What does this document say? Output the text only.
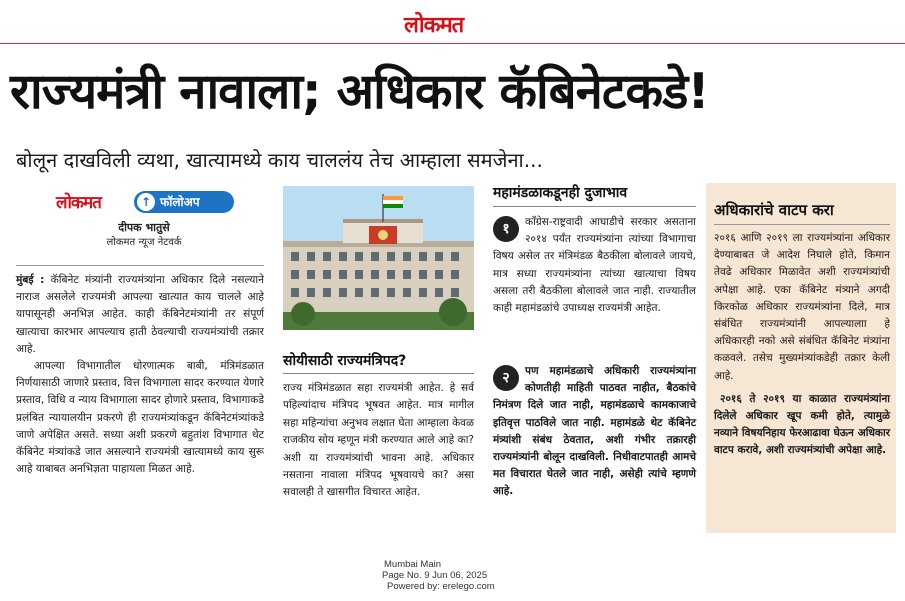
लोकमत
राज्यमंत्री नावाला; अधिकार कॅबिनेटकडे!
बोलून दाखविली व्यथा, खात्यामध्ये काय चाललंय तेच आम्हाला समजेना...
लोकमत	↑ फॉलोअप
दीपक भातुसे
लोकमत न्यूज नेटवर्क

मुंबई : कॅबिनेट मंत्र्यांनी राज्यमंत्र्यांना अधिकार दिले नसल्याने नाराज असलेले राज्यमंत्री आपल्या खात्यात काय चालले आहे यापासूनही अनभिज्ञ आहेत. काही कॅबिनेटमंत्र्यांनी तर संपूर्ण खात्याचा कारभार आपल्याच हाती ठेवल्याची राज्यमंत्र्यांची तक्रार आहे.

आपल्या विभागातील धोरणात्मक बाबी, मंत्रिमंडळात निर्णयासाठी जाणारे प्रस्ताव, वित्त विभागाला सादर करण्यात येणारे प्रस्ताव, विधि व न्याय विभागाला सादर होणारे प्रस्ताव, विभागाकडे प्रलंबित न्यायालयीन प्रकरणे ही राज्यमंत्र्यांकडून कॅबिनेटमंत्र्यांकडे जाणे अपेक्षित असते. सध्या अशी प्रकरणे बहुतांश विभागात थेट कॅबिनेट मंत्र्यांकडे जात असल्याने राज्यमंत्री खात्यामध्ये काय सुरू आहे याबाबत अनभिज्ञता पाहायला मिळत आहे.

सोयीसाठी राज्यमंत्रिपद?
राज्य मंत्रिमंडळात सहा राज्यमंत्री आहेत. हे सर्व पहिल्यांदाच मंत्रिपद भूषवत आहेत. मात्र मागील सहा महिन्यांचा अनुभव लक्षात घेता आम्हाला केवळ राजकीय सोय म्हणून मंत्री करण्यात आले आहे का? अशी या राज्यमंत्र्यांची भावना आहे. अधिकार नसताना नावाला मंत्रिपद भूषवायचे का? असा सवालही ते खासगीत विचारत आहेत.
महामंडळाकडूनही दुजाभाव
१	काँग्रेस-राष्ट्रवादी आघाडीचे सरकार असताना २०१४ पर्यंत राज्यमंत्र्यांना त्यांच्या विभागाचा विषय असेल तर मंत्रिमंडळ बैठकीला बोलावले जायचे, मात्र सध्या राज्यमंत्र्यांना त्यांच्या खात्याचा विषय असला तरी बैठकीला बोलावले जात नाही. राज्यातील काही महामंडळांचे उपाध्यक्ष राज्यमंत्री आहेत.
२	पण महामंडळाचे अधिकारी राज्यमंत्र्यांना कोणतीही माहिती पाठवत नाहीत, बैठकांचे निमंत्रण दिले जात नाही, महामंडळाचे कामकाजाचे इतिवृत्त पाठविले जात नाही. महामंडळे थेट कॅबिनेट मंत्र्यांशी संबंध ठेवतात, अशी गंभीर तक्रारही राज्यमंत्र्यांनी बोलून दाखविली. निधीवाटपातही आमचे मत विचारात घेतले जात नाही, असेही त्यांचे म्हणणे आहे.
अधिकारांचे वाटप करा

२०१६ आणि २०१९ ला राज्यमंत्र्यांना अधिकार देण्याबाबत जे आदेश निघाले होते, किमान तेवढे अधिकार मिळावेत अशी राज्यमंत्र्यांची अपेक्षा आहे. एका कॅबिनेट मंत्र्याने अगदी किरकोळ अधिकार राज्यमंत्र्यांना दिले, मात्र संबंधित राज्यमंत्र्यांनी आपल्यालाा हे अधिकारही नको असे संबंधित कॅबिनेट मंत्र्यांना कळवले. तसेच मुख्यमंत्र्यांकडेही तक्रार केली आहे.

२०१६ ते २०१९ या काळात राज्यमंत्र्यांना दिलेले अधिकार खूप कमी होते, त्यामुळे नव्याने विषयनिहाय फेरआढावा घेऊन अधिकार वाटप करावे, अशी राज्यमंत्र्यांची अपेक्षा आहे.

Mumbai Main
Page No. 9 Jun 06, 2025
Powered by: erelego.com
